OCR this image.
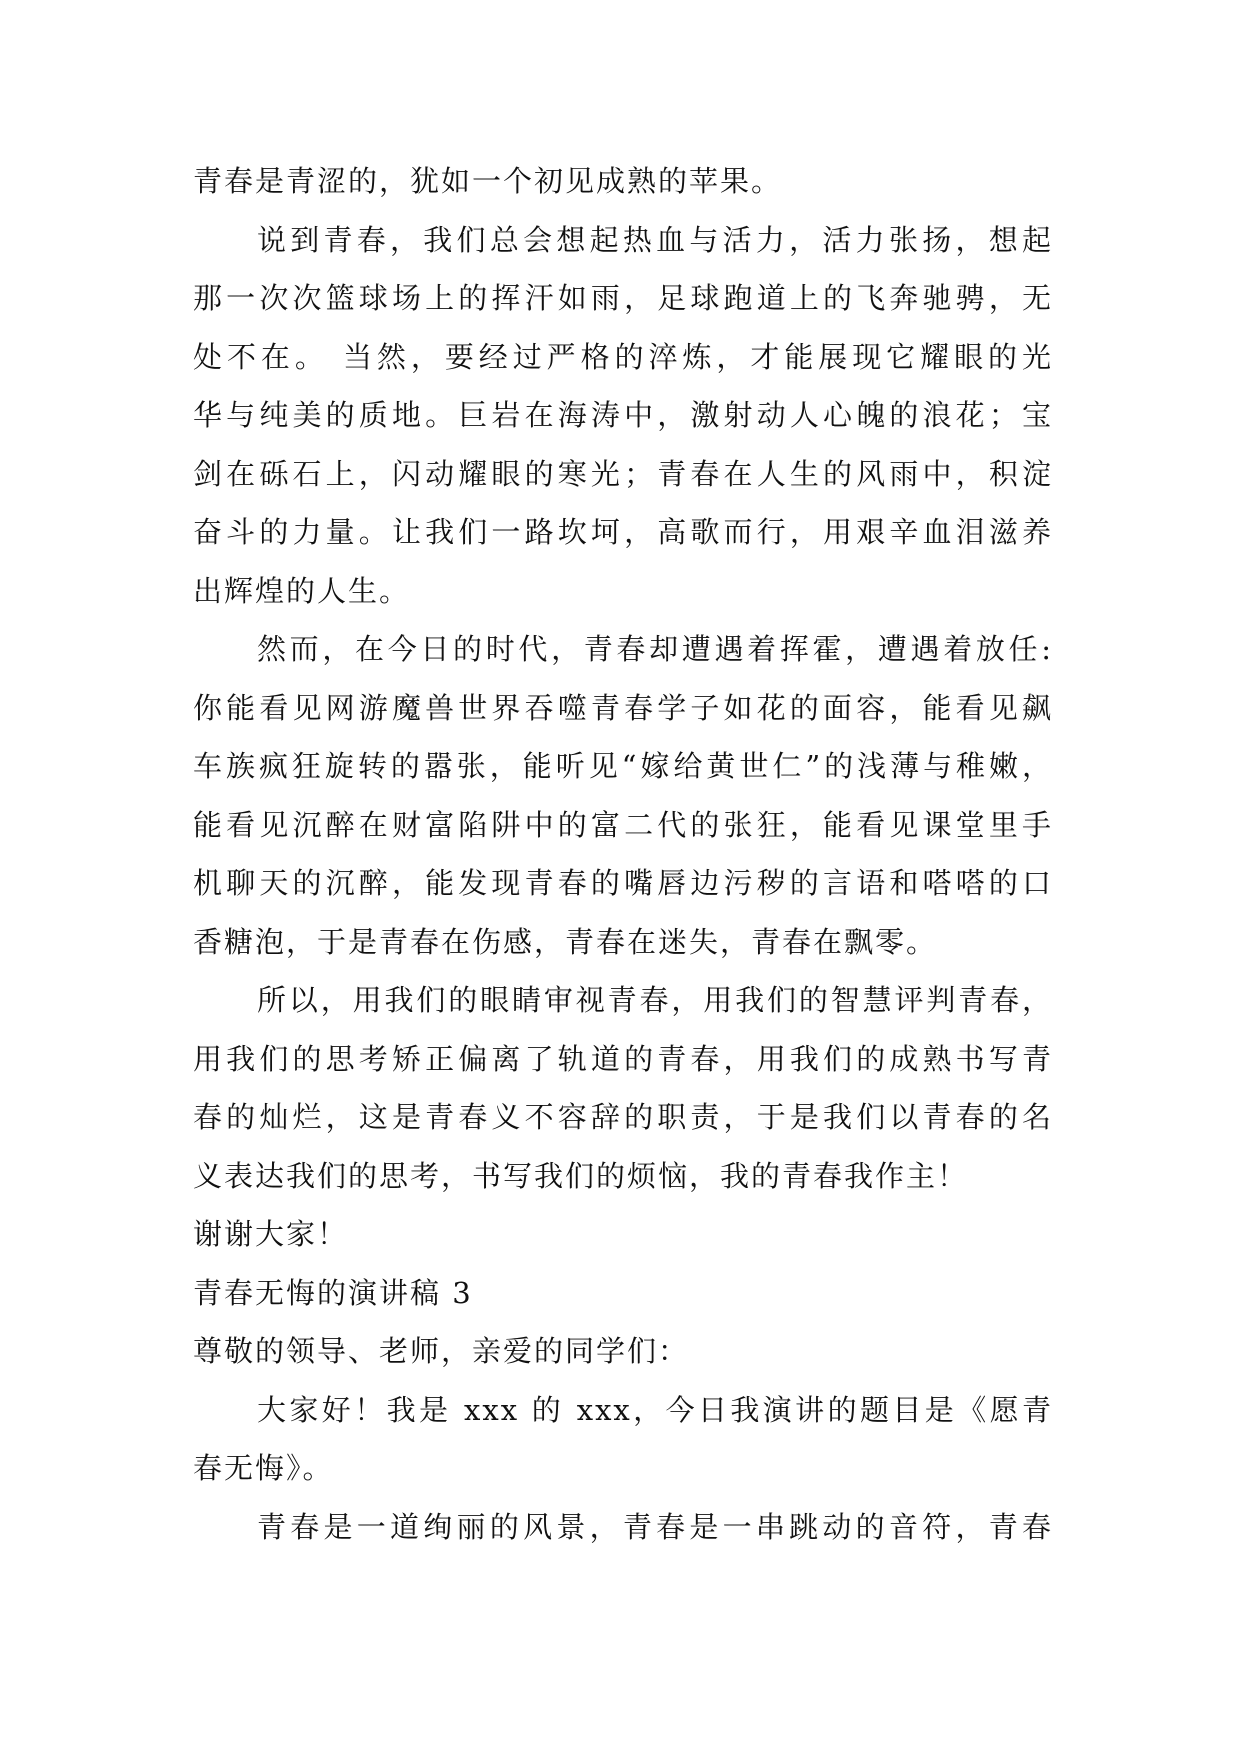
青春是青涩的，犹如一个初见成熟的苹果。
说到青春，我们总会想起热血与活力，活力张扬，想起
那一次次篮球场上的挥汗如雨，足球跑道上的飞奔驰骋，无
处不在。 当然，要经过严格的淬炼，才能展现它耀眼的光
华与纯美的质地。巨岩在海涛中，激射动人心魄的浪花；宝
剑在砾石上，闪动耀眼的寒光；青春在人生的风雨中，积淀
奋斗的力量。让我们一路坎坷，高歌而行，用艰辛血泪滋养
出辉煌的人生。
然而，在今日的时代，青春却遭遇着挥霍，遭遇着放任:
你能看见网游魔兽世界吞噬青春学子如花的面容，能看见飙
车族疯狂旋转的嚣张，能听见“嫁给黄世仁”的浅薄与稚嫩，
能看见沉醉在财富陷阱中的富二代的张狂，能看见课堂里手
机聊天的沉醉，能发现青春的嘴唇边污秽的言语和嗒嗒的口
香糖泡，于是青春在伤感，青春在迷失，青春在飘零。
所以，用我们的眼睛审视青春，用我们的智慧评判青春，
用我们的思考矫正偏离了轨道的青春，用我们的成熟书写青
春的灿烂，这是青春义不容辞的职责，于是我们以青春的名
义表达我们的思考，书写我们的烦恼，我的青春我作主！
谢谢大家！
青春无悔的演讲稿 3
尊敬的领导、老师，亲爱的同学们：
大家好！我是 xxx 的 xxx，今日我演讲的题目是《愿青
春无悔》。
青春是一道绚丽的风景，青春是一串跳动的音符，青春
